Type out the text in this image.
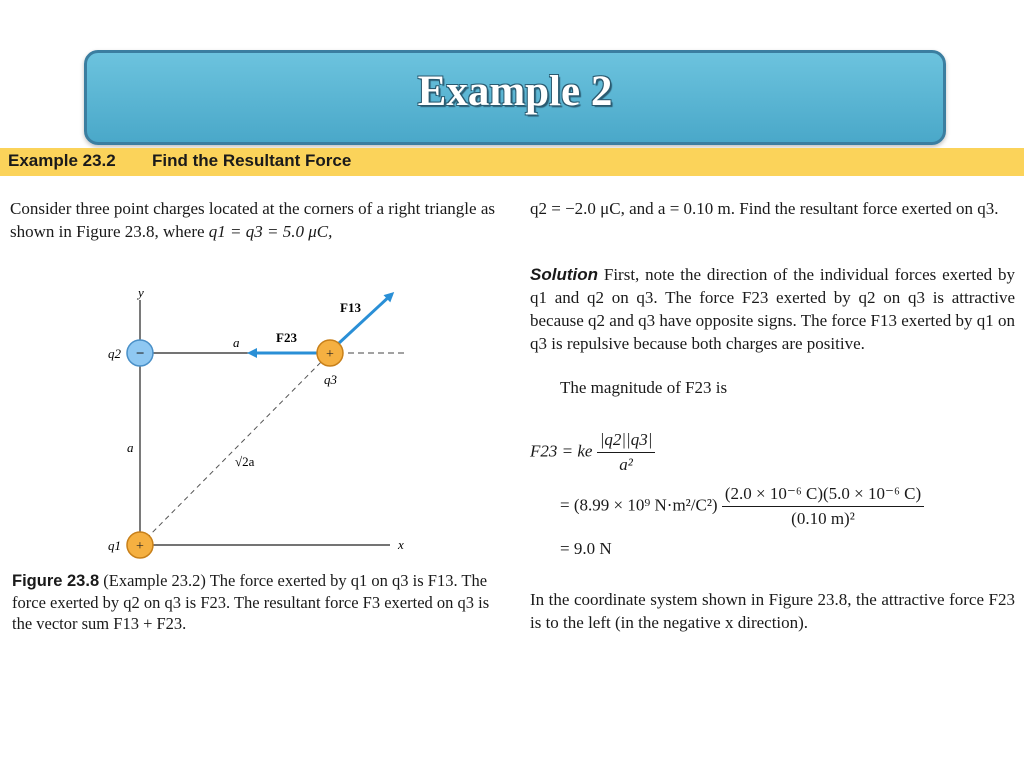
Example 2
Example 23.2 Find the Resultant Force
Consider three point charges located at the corners of a right triangle as shown in Figure 23.8, where q1 = q3 = 5.0 μC,
q2 = −2.0 μC, and a = 0.10 m. Find the resultant force exerted on q3.
Solution First, note the direction of the individual forces exerted by q1 and q2 on q3. The force F23 exerted by q2 on q3 is attractive because q2 and q3 have opposite signs. The force F13 exerted by q1 on q3 is repulsive because both charges are positive.
The magnitude of F23 is
F23 = ke $\frac{|q2||q3|}{\text{a²}}$
= (8.99 × 10⁹ $N\cdot m^2/C^2) \frac{\text{(2.0 × 10⁻⁶ C)(5.0 × 10⁻⁶ C)}}{\text{(0.10 m)²}}$
= 9.0 N
In the coordinate system shown in Figure 23.8, the attractive force F23 is to the left (in the negative x direction).
−	+
+
y
x
q2
q1
q3
a
a
√2a
F13
F23
Figure 23.8 (Example 23.2) The force exerted by q1 on q3 is F13. The force exerted by q2 on q3 is F23. The resultant force F3 exerted on q3 is the vector sum F13 + F23.
